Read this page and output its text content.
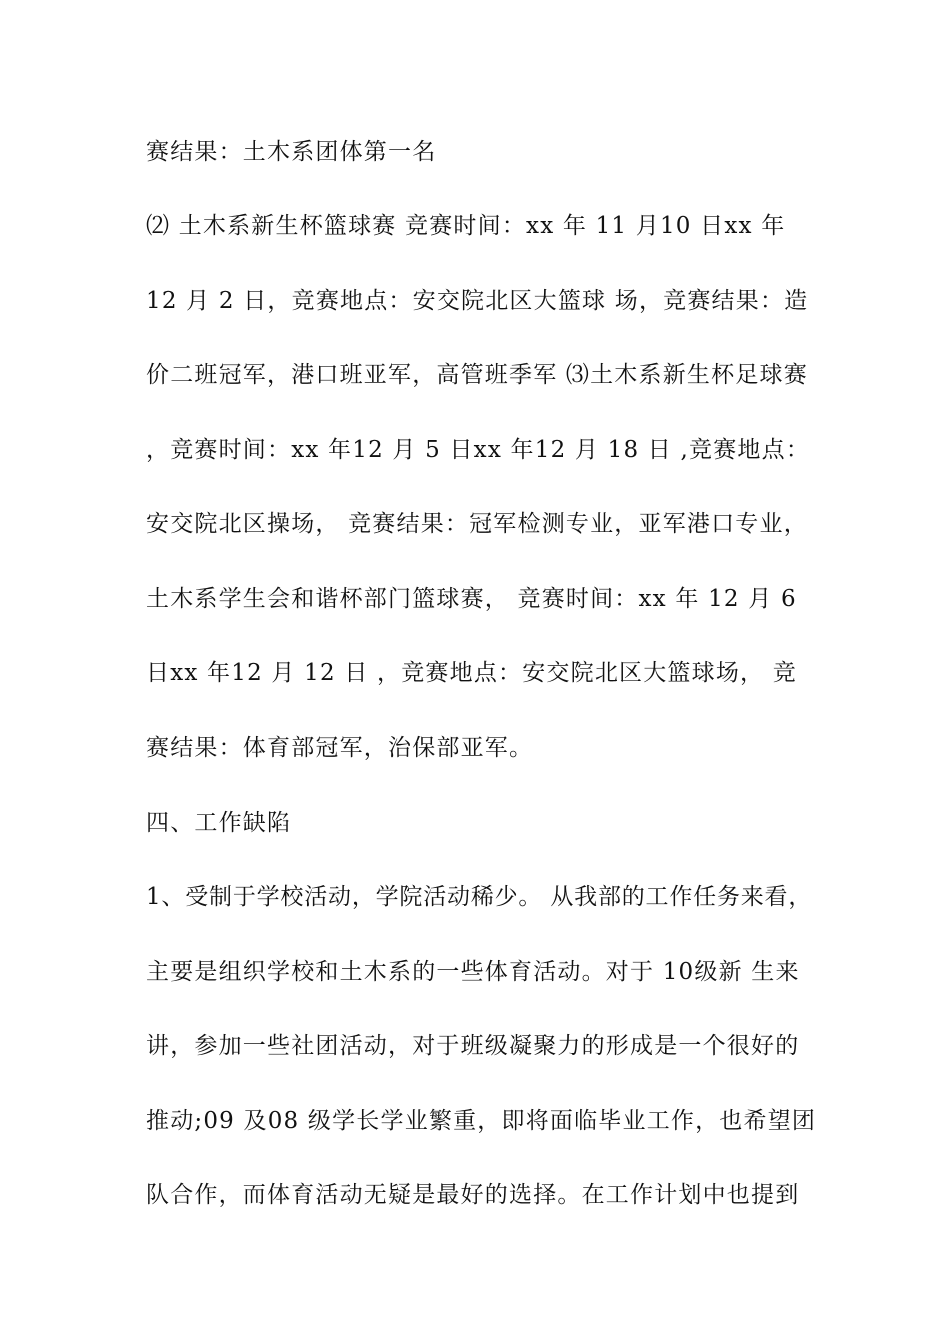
赛结果：土木系团体第一名
⑵ 土木系新生杯篮球赛 竞赛时间：xx 年 11 月10 日xx 年
12 月 2 日，竞赛地点：安交院北区大篮球 场，竞赛结果：造
价二班冠军，港口班亚军，高管班季军 ⑶土木系新生杯足球赛
，竞赛时间：xx 年12 月 5 日xx 年12 月 18 日 ,竞赛地点：
安交院北区操场， 竞赛结果：冠军检测专业，亚军港口专业，
土木系学生会和谐杯部门篮球赛， 竞赛时间：xx 年 12 月 6
日xx 年12 月 12 日 ，竞赛地点：安交院北区大篮球场， 竞
赛结果：体育部冠军，治保部亚军。
四、工作缺陷
1、受制于学校活动，学院活动稀少。 从我部的工作任务来看，
主要是组织学校和土木系的一些体育活动。对于 10级新 生来
讲，参加一些社团活动，对于班级凝聚力的形成是一个很好的
推动;09 及08 级学长学业繁重，即将面临毕业工作，也希望团
队合作，而体育活动无疑是最好的选择。在工作计划中也提到
